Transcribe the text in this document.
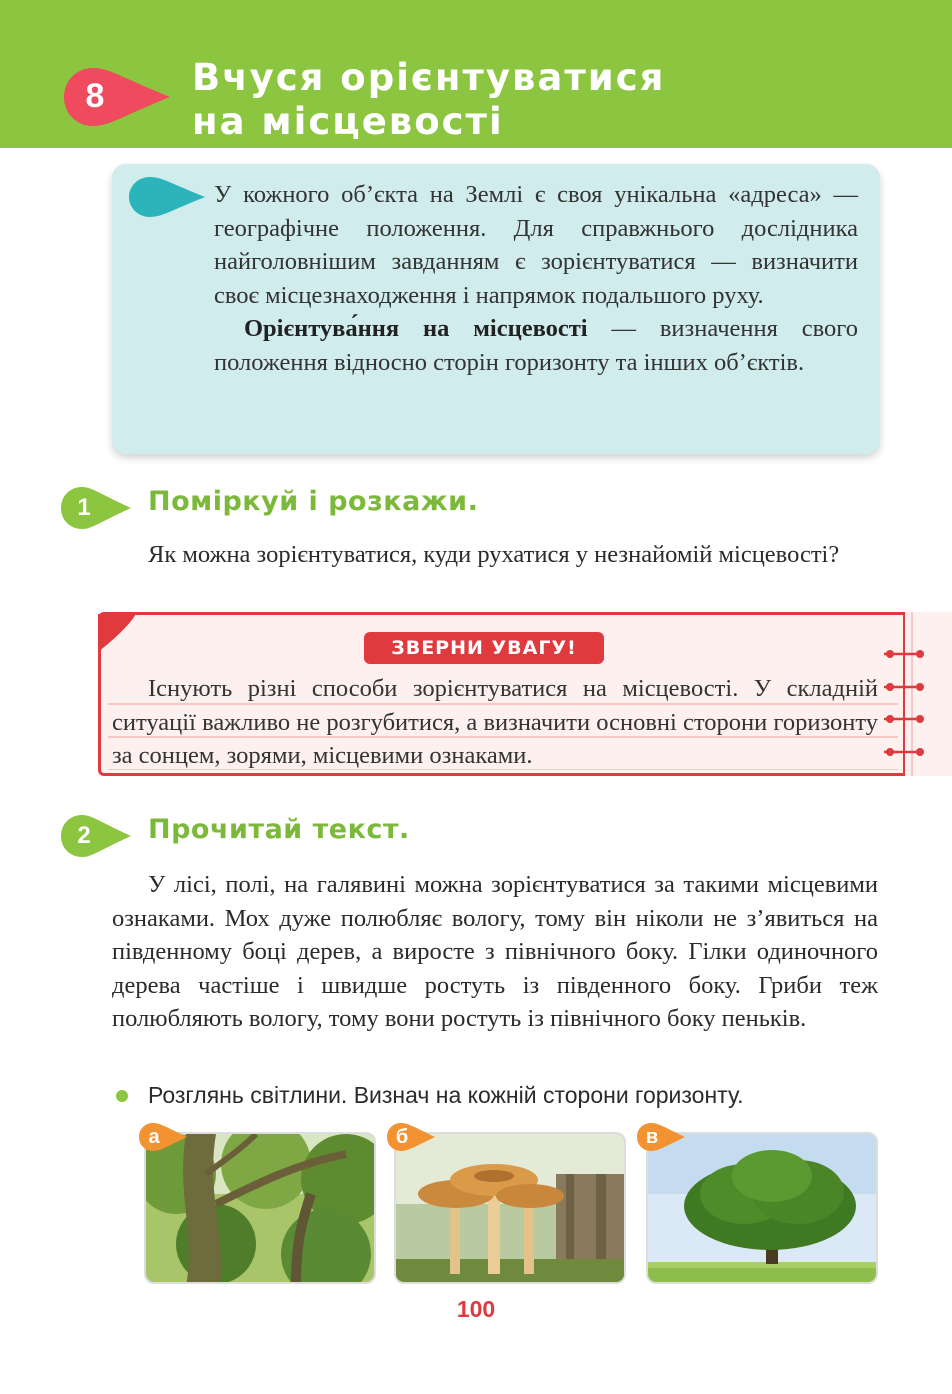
8	Вчуся орієнтуватися
на місцевості

У кожного об’єкта на Землі є своя унікальна «адреса» — географічне положення. Для справжнього дослідника найголовнішим завданням є зорієнтуватися — визначити своє місцезнаходження і напрямок подальшого руху.

Орієнтува́ння на місцевості — визначення свого положення відносно сторін горизонту та інших об’єктів.

1	Поміркуй і розкажи.
Як можна зорієнтуватися, куди рухатися у незнайомій місцевості?
ЗВЕРНИ УВАГУ!
Існують різні способи зорієнтуватися на місцевості. У складній ситуації важливо не розгубитися, а визначити основні сторони горизонту за сонцем, зорями, місцевими ознаками.
2	Прочитай текст.
У лісі, полі, на галявині можна зорієнтуватися за такими місцевими ознаками. Мох дуже полюбляє вологу, тому він ніколи не з’явиться на південному боці дерев, а виросте з північного боку. Гілки одиночного дерева частіше і швидше ростуть із південного боку. Гриби теж полюбляють вологу, тому вони ростуть із північного боку пеньків.
Розглянь світлини. Визнач на кожній сторони горизонту.
а	б	в
100
